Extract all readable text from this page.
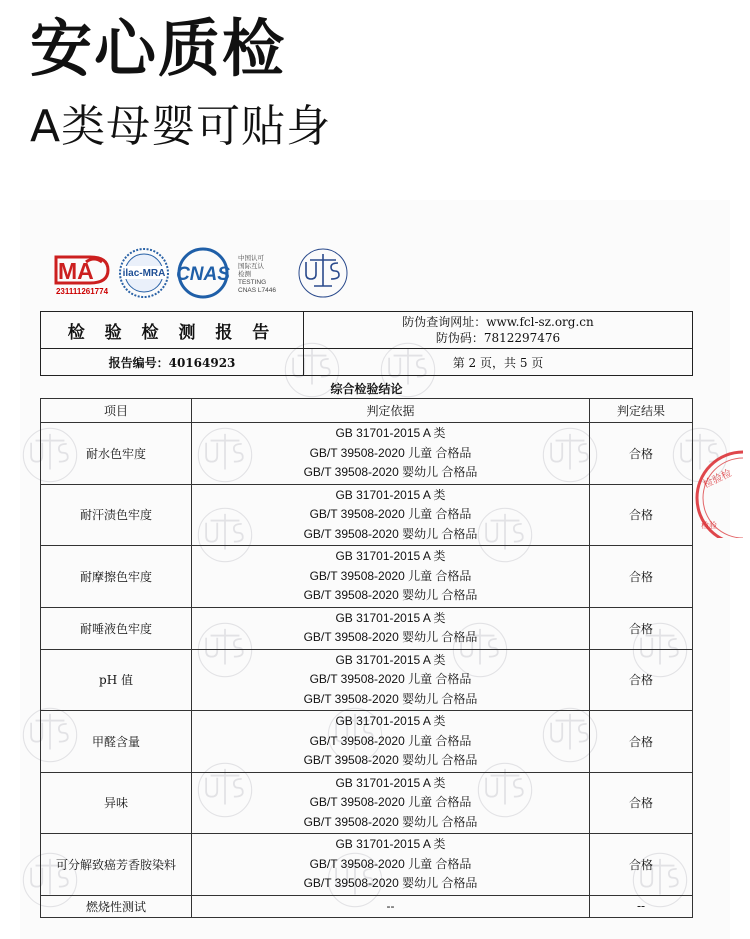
安心质检
A类母婴可贴身
MA
231111261774
ilac-MRA CNAS
中国认可
国际互认
检测
TESTING
CNAS L7446
检 验 检 测 报 告	防伪查询网址：www.fcl-sz.org.cn
防伪码：7812297476

报告编号：40164923	第 2 页，共 5 页
综合检验结论
项目	判定依据	判定结果
耐水色牢度	GB 31701-2015 A 类
GB/T 39508-2020 儿童 合格品
GB/T 39508-2020 婴幼儿 合格品	合格
耐汗渍色牢度	GB 31701-2015 A 类
GB/T 39508-2020 儿童 合格品
GB/T 39508-2020 婴幼儿 合格品	合格
耐摩擦色牢度	GB 31701-2015 A 类
GB/T 39508-2020 儿童 合格品
GB/T 39508-2020 婴幼儿 合格品	合格
耐唾液色牢度	GB 31701-2015 A 类
GB/T 39508-2020 婴幼儿 合格品	合格
pH 值	GB 31701-2015 A 类
GB/T 39508-2020 儿童 合格品
GB/T 39508-2020 婴幼儿 合格品	合格
甲醛含量	GB 31701-2015 A 类
GB/T 39508-2020 儿童 合格品
GB/T 39508-2020 婴幼儿 合格品	合格
异味	GB 31701-2015 A 类
GB/T 39508-2020 儿童 合格品
GB/T 39508-2020 婴幼儿 合格品	合格
可分解致癌芳香胺染料	GB 31701-2015 A 类
GB/T 39508-2020 儿童 合格品
GB/T 39508-2020 婴幼儿 合格品	合格
燃烧性测试	--	--
检验检
检验
